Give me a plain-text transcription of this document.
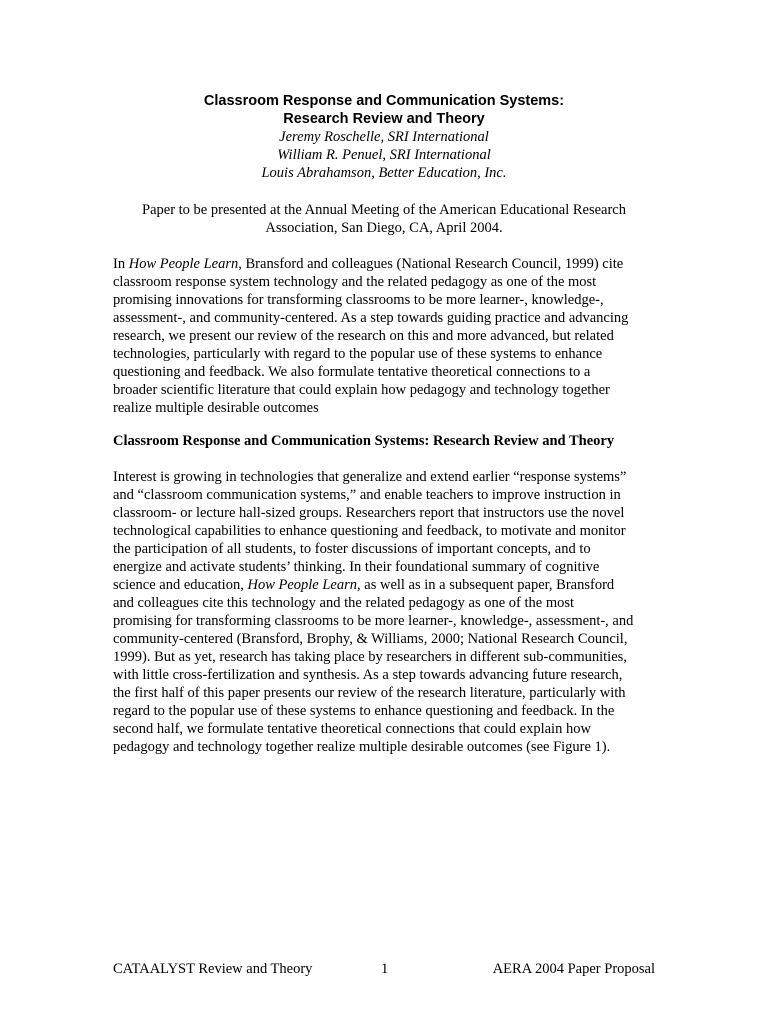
Classroom Response and Communication Systems:
Research Review and Theory
Jeremy Roschelle, SRI International
William R. Penuel, SRI International
Louis Abrahamson, Better Education, Inc.
Paper to be presented at the Annual Meeting of the American Educational Research
Association, San Diego, CA, April 2004.
In How People Learn, Bransford and colleagues (National Research Council, 1999) cite
classroom response system technology and the related pedagogy as one of the most
promising innovations for transforming classrooms to be more learner-, knowledge-,
assessment-, and community-centered. As a step towards guiding practice and advancing
research, we present our review of the research on this and more advanced, but related
technologies, particularly with regard to the popular use of these systems to enhance
questioning and feedback. We also formulate tentative theoretical connections to a
broader scientific literature that could explain how pedagogy and technology together
realize multiple desirable outcomes
Classroom Response and Communication Systems: Research Review and Theory
Interest is growing in technologies that generalize and extend earlier “response systems”
and “classroom communication systems,” and enable teachers to improve instruction in
classroom- or lecture hall-sized groups. Researchers report that instructors use the novel
technological capabilities to enhance questioning and feedback, to motivate and monitor
the participation of all students, to foster discussions of important concepts, and to
energize and activate students’ thinking. In their foundational summary of cognitive
science and education, How People Learn, as well as in a subsequent paper, Bransford
and colleagues cite this technology and the related pedagogy as one of the most
promising for transforming classrooms to be more learner-, knowledge-, assessment-, and
community-centered (Bransford, Brophy, & Williams, 2000; National Research Council,
1999). But as yet, research has taking place by researchers in different sub-communities,
with little cross-fertilization and synthesis. As a step towards advancing future research,
the first half of this paper presents our review of the research literature, particularly with
regard to the popular use of these systems to enhance questioning and feedback. In the
second half, we formulate tentative theoretical connections that could explain how
pedagogy and technology together realize multiple desirable outcomes (see Figure 1).
CATAALYST Review and Theory	1	AERA 2004 Paper Proposal
